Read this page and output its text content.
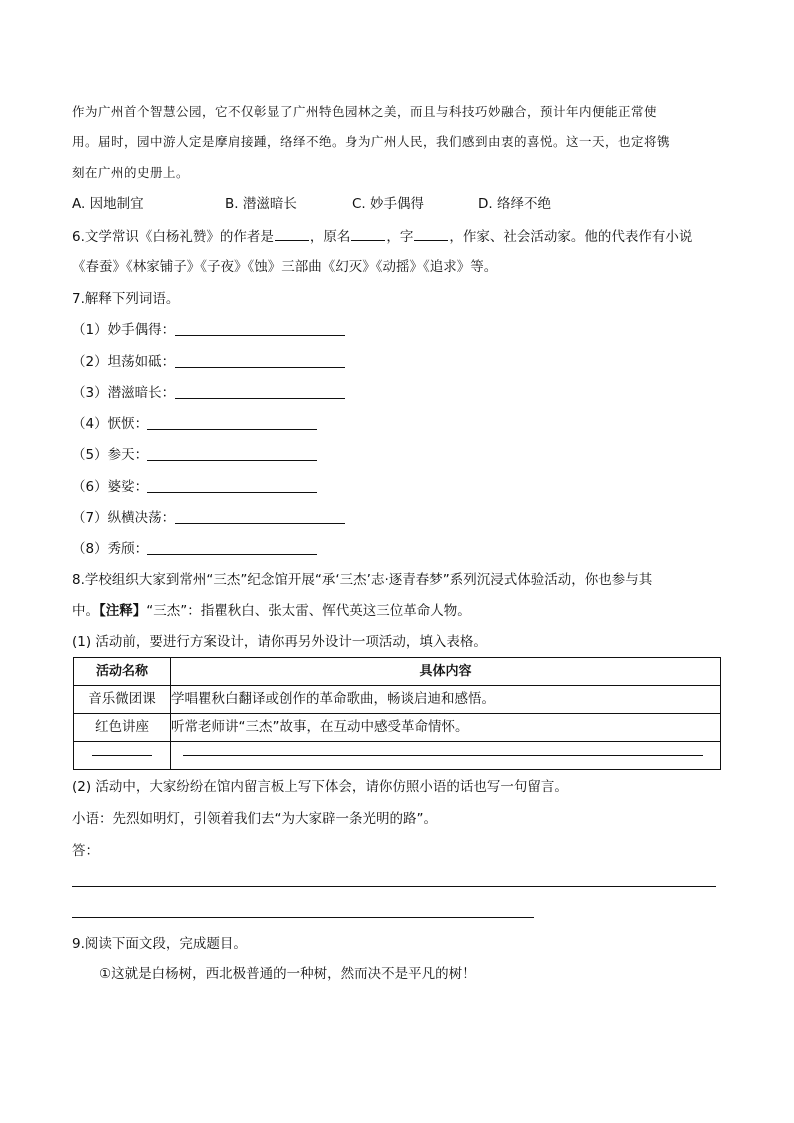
作为广州首个智慧公园，它不仅彰显了广州特色园林之美，而且与科技巧妙融合，预计年内便能正常使
用。届时，园中游人定是摩肩接踵，络绎不绝。身为广州人民，我们感到由衷的喜悦。这一天，也定将镌
刻在广州的史册上。
A. 因地制宜	B. 潜滋暗长	C. 妙手偶得	D. 络绎不绝
6.文学常识《白杨礼赞》的作者是	，原名	，字	，作家、社会活动家。他的代表作有小说
《春蚕》《林家铺子》《子夜》《蚀》三部曲《幻灭》《动摇》《追求》等。
7.解释下列词语。
（1）妙手偶得：
（2）坦荡如砥：
（3）潜滋暗长：
（4）恹恹：
（5）参天：
（6）婆娑：
（7）纵横决荡：
（8）秀颀：
8.学校组织大家到常州“三杰”纪念馆开展“承‘三杰’志·逐青春梦”系列沉浸式体验活动，你也参与其
中。【注释】“三杰”：指瞿秋白、张太雷、恽代英这三位革命人物。
(1) 活动前，要进行方案设计，请你再另外设计一项活动，填入表格。
活动名称	具体内容
音乐微团课	学唱瞿秋白翻译或创作的革命歌曲，畅谈启迪和感悟。
红色讲座	听常老师讲“三杰”故事，在互动中感受革命情怀。

(2) 活动中，大家纷纷在馆内留言板上写下体会，请你仿照小语的话也写一句留言。
小语：先烈如明灯，引领着我们去“为大家辟一条光明的路”。
答：
9.阅读下面文段，完成题目。
①这就是白杨树，西北极普通的一种树，然而决不是平凡的树！
